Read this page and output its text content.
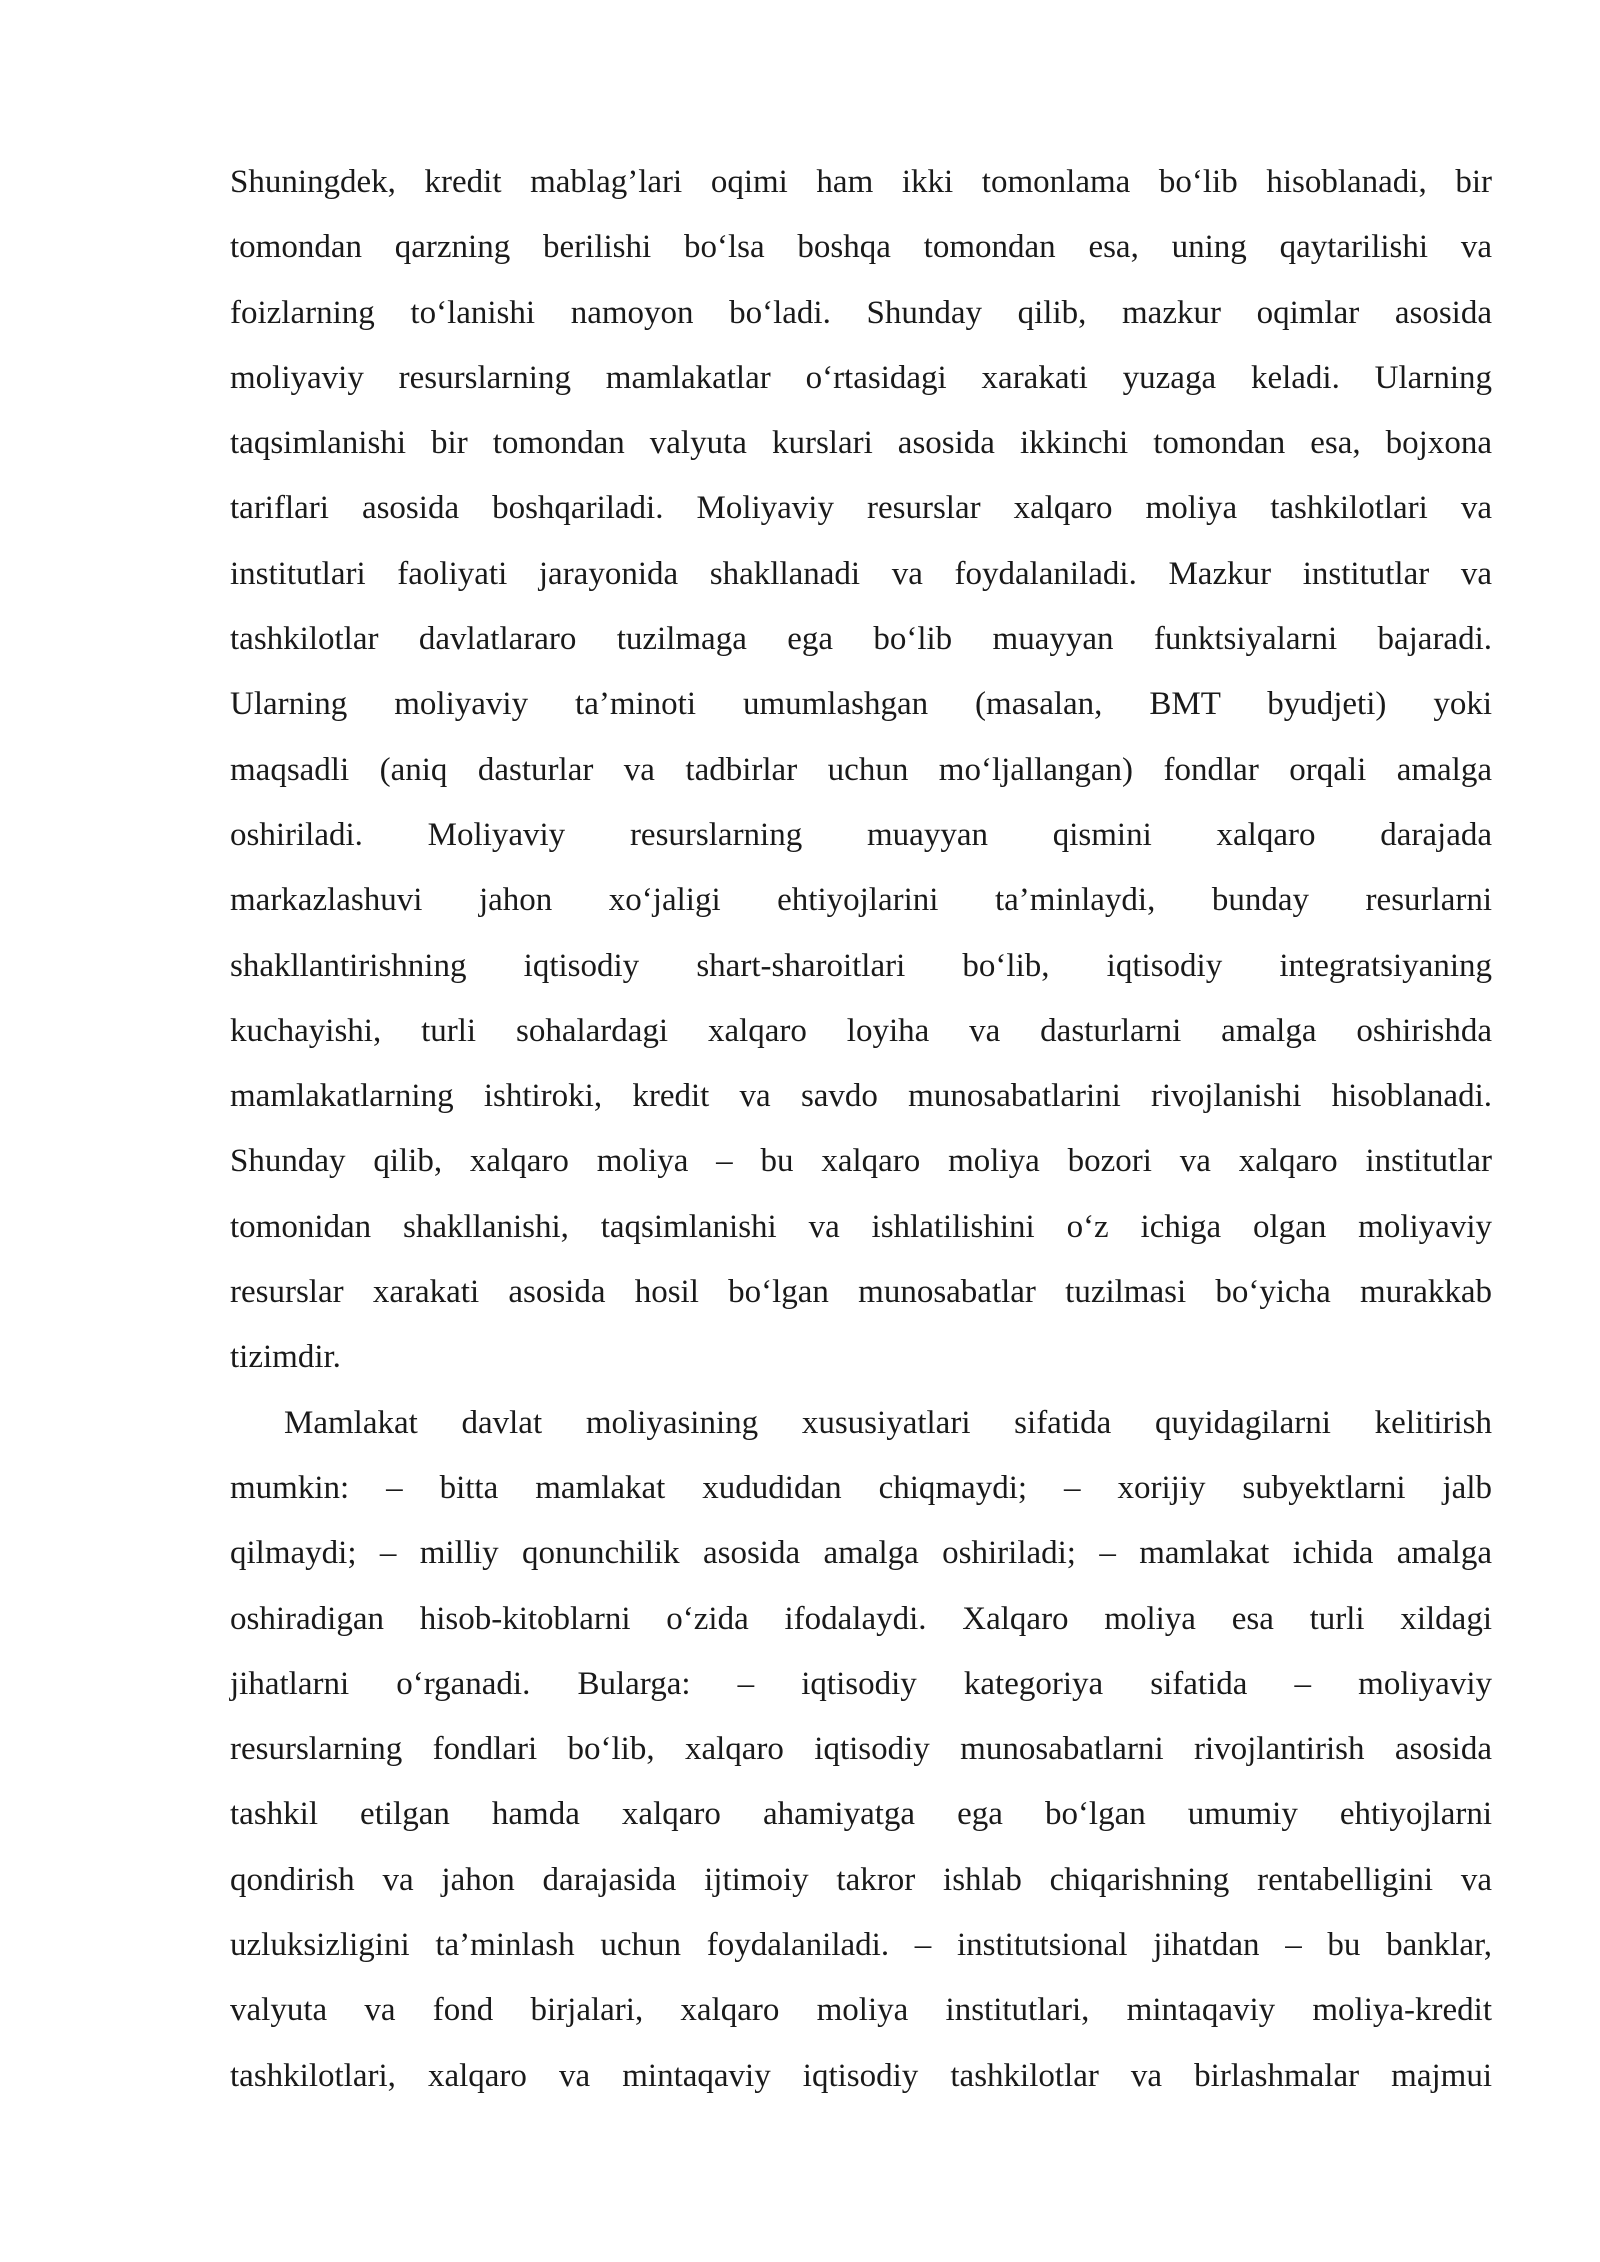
Shuningdek, kredit mablag’lari oqimi ham ikki tomonlama bo‘lib hisoblanadi, bir
tomondan qarzning berilishi bo‘lsa boshqa tomondan esa, uning qaytarilishi va
foizlarning to‘lanishi namoyon bo‘ladi. Shunday qilib, mazkur oqimlar asosida
moliyaviy resurslarning mamlakatlar o‘rtasidagi xarakati yuzaga keladi. Ularning
taqsimlanishi bir tomondan valyuta kurslari asosida ikkinchi tomondan esa, bojxona
tariflari asosida boshqariladi. Moliyaviy resurslar xalqaro moliya tashkilotlari va
institutlari faoliyati jarayonida shakllanadi va foydalaniladi. Mazkur institutlar va
tashkilotlar davlatlararo tuzilmaga ega bo‘lib muayyan funktsiyalarni bajaradi.
Ularning moliyaviy ta’minoti umumlashgan (masalan, BMT byudjeti) yoki
maqsadli (aniq dasturlar va tadbirlar uchun mo‘ljallangan) fondlar orqali amalga
oshiriladi. Moliyaviy resurslarning muayyan qismini xalqaro darajada
markazlashuvi jahon xo‘jaligi ehtiyojlarini ta’minlaydi, bunday resurlarni
shakllantirishning iqtisodiy shart-sharoitlari bo‘lib, iqtisodiy integratsiyaning
kuchayishi, turli sohalardagi xalqaro loyiha va dasturlarni amalga oshirishda
mamlakatlarning ishtiroki, kredit va savdo munosabatlarini rivojlanishi hisoblanadi.
Shunday qilib, xalqaro moliya – bu xalqaro moliya bozori va xalqaro institutlar
tomonidan shakllanishi, taqsimlanishi va ishlatilishini o‘z ichiga olgan moliyaviy
resurslar xarakati asosida hosil bo‘lgan munosabatlar tuzilmasi bo‘yicha murakkab
tizimdir.
Mamlakat davlat moliyasining xususiyatlari sifatida quyidagilarni kelitirish
mumkin: – bitta mamlakat xududidan chiqmaydi; – xorijiy subyektlarni jalb
qilmaydi; – milliy qonunchilik asosida amalga oshiriladi; – mamlakat ichida amalga
oshiradigan hisob-kitoblarni o‘zida ifodalaydi. Xalqaro moliya esa turli xildagi
jihatlarni o‘rganadi. Bularga: – iqtisodiy kategoriya sifatida – moliyaviy
resurslarning fondlari bo‘lib, xalqaro iqtisodiy munosabatlarni rivojlantirish asosida
tashkil etilgan hamda xalqaro ahamiyatga ega bo‘lgan umumiy ehtiyojlarni
qondirish va jahon darajasida ijtimoiy takror ishlab chiqarishning rentabelligini va
uzluksizligini ta’minlash uchun foydalaniladi. – institutsional jihatdan – bu banklar,
valyuta va fond birjalari, xalqaro moliya institutlari, mintaqaviy moliya-kredit
tashkilotlari, xalqaro va mintaqaviy iqtisodiy tashkilotlar va birlashmalar majmui
